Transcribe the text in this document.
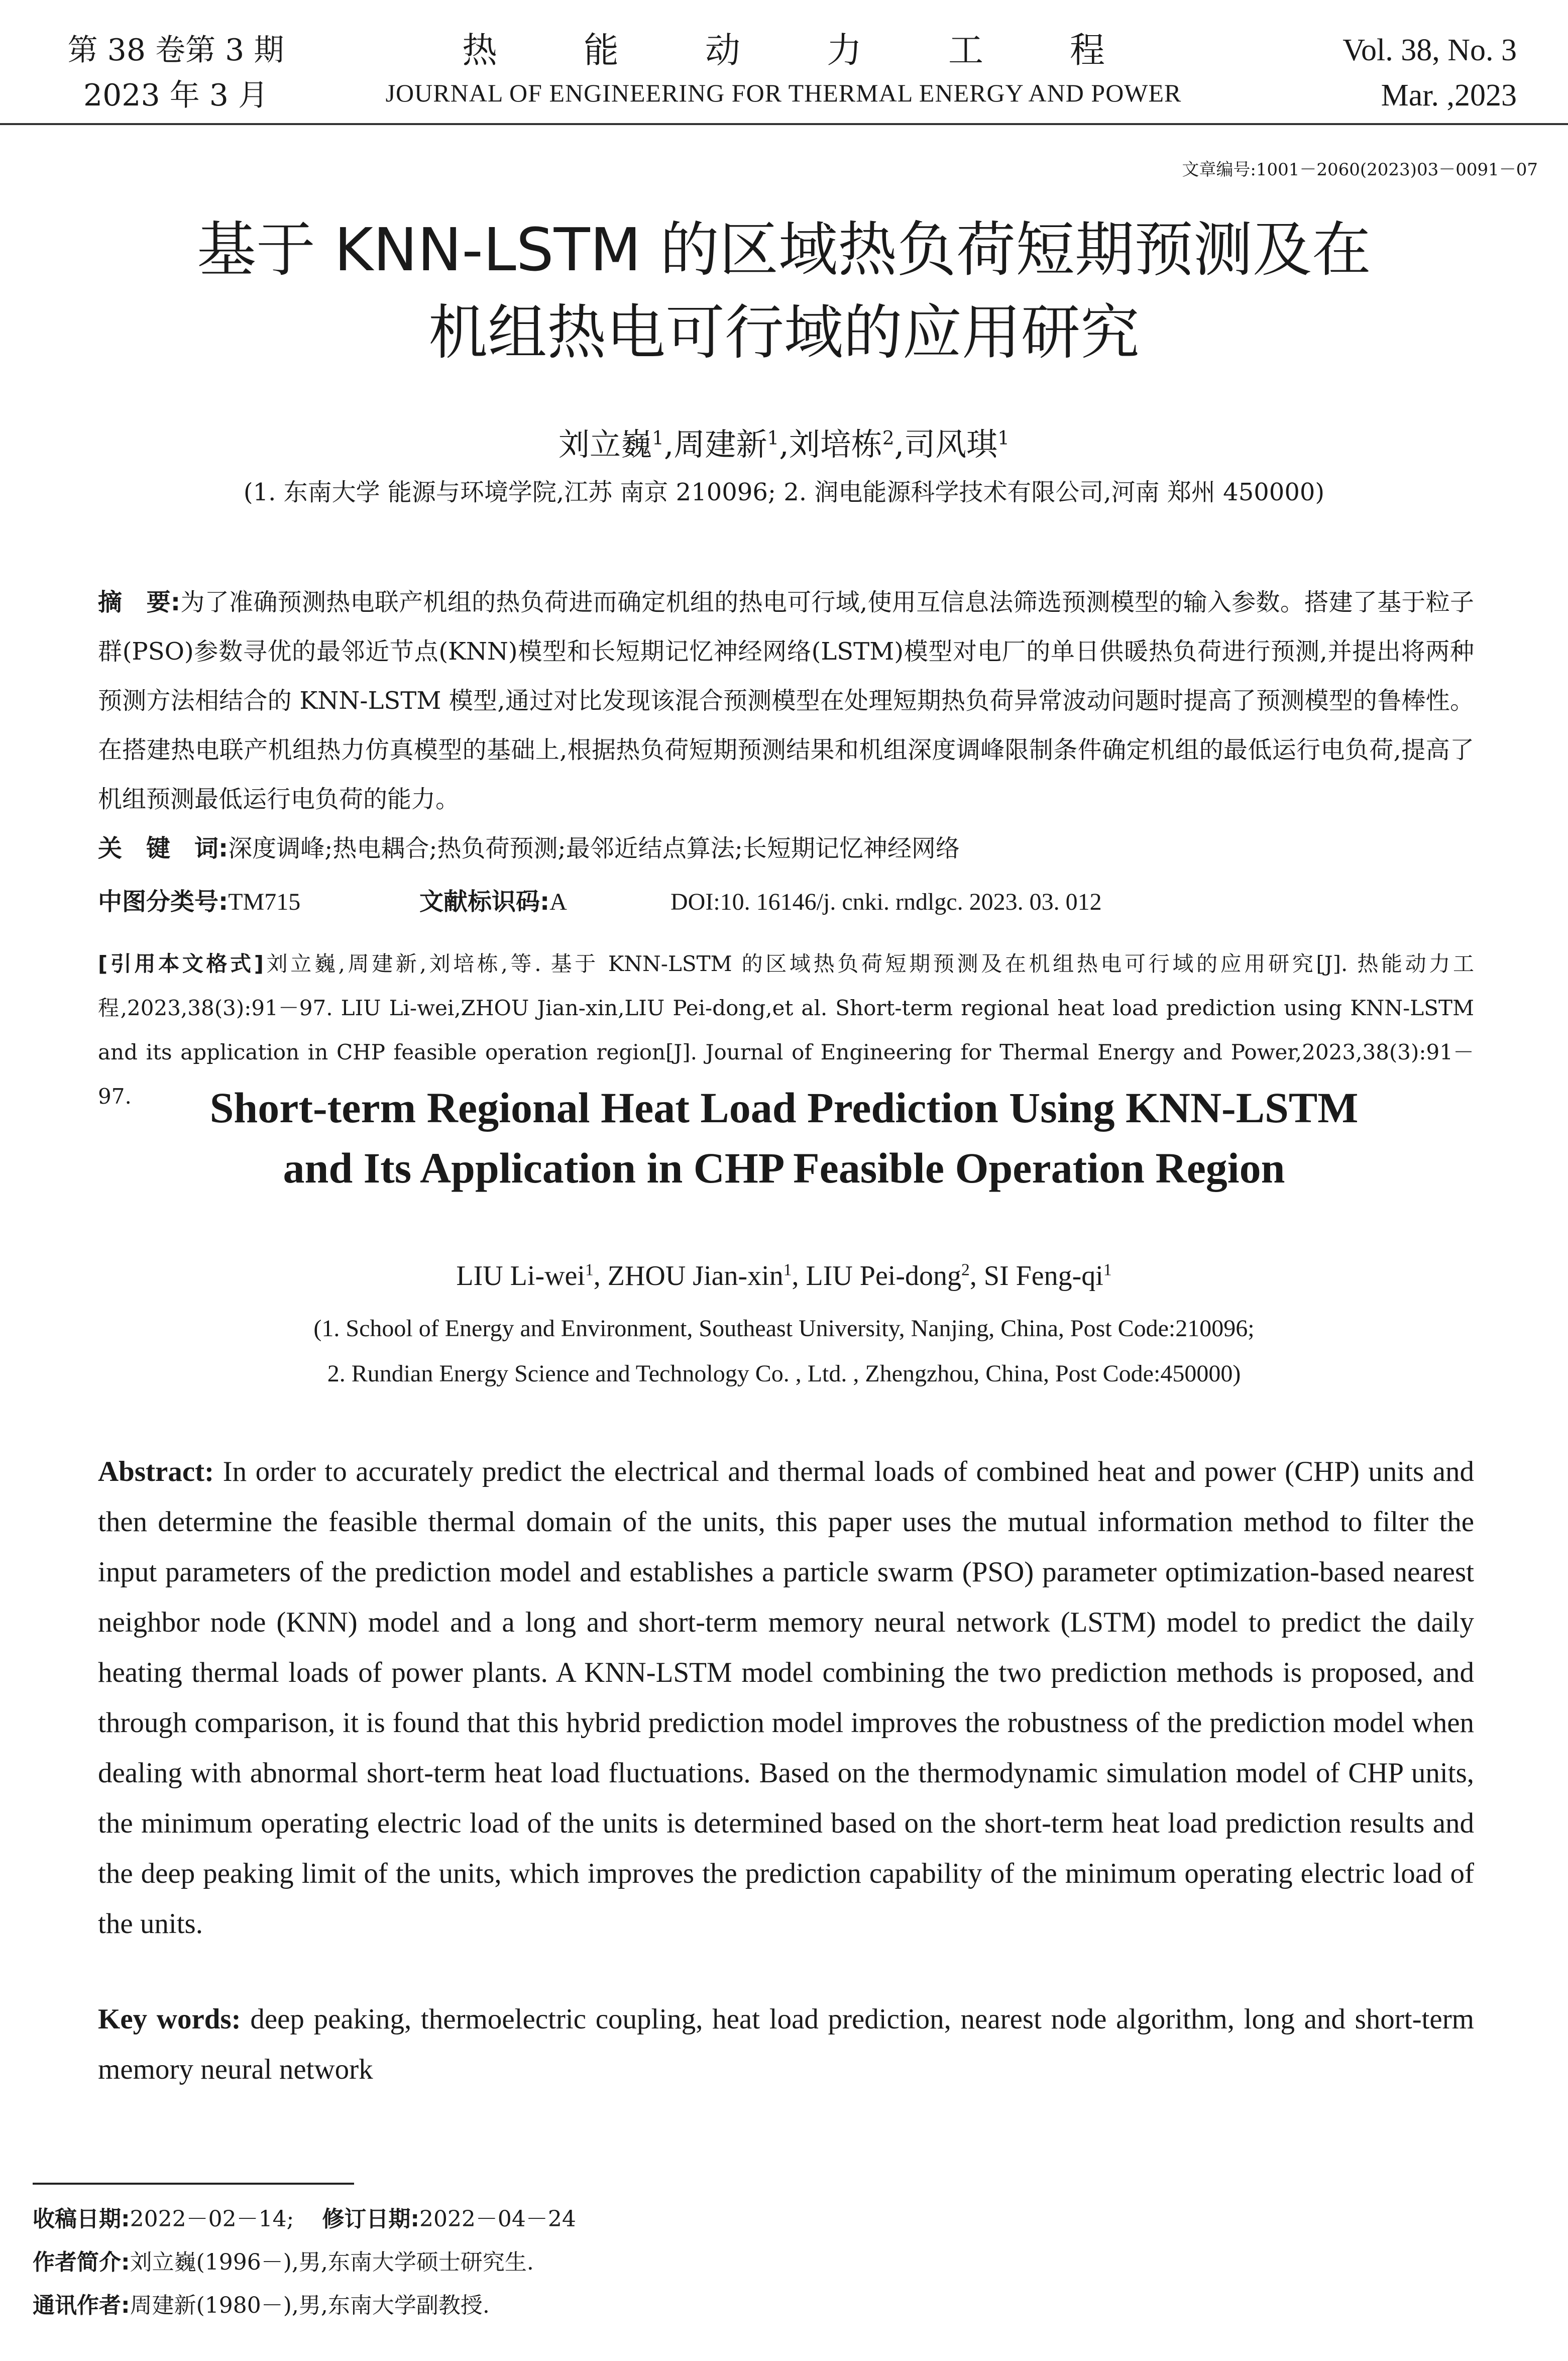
第 38 卷第 3 期
2023 年 3 月
热 能 动 力 工 程
JOURNAL OF ENGINEERING FOR THERMAL ENERGY AND POWER
Vol. 38, No. 3
Mar. ,2023
文章编号:1001－2060(2023)03－0091－07
基于 KNN-LSTM 的区域热负荷短期预测及在
机组热电可行域的应用研究
刘立巍$^1$,周建新$^1$,刘培栋$^2$,司风琪$^1$
(1. 东南大学 能源与环境学院,江苏 南京 210096; 2. 润电能源科学技术有限公司,河南 郑州 450000)
摘　要:为了准确预测热电联产机组的热负荷进而确定机组的热电可行域,使用互信息法筛选预测模型的输入参数。搭建了基于粒子群(PSO)参数寻优的最邻近节点(KNN)模型和长短期记忆神经网络(LSTM)模型对电厂的单日供暖热负荷进行预测,并提出将两种预测方法相结合的 KNN-LSTM 模型,通过对比发现该混合预测模型在处理短期热负荷异常波动问题时提高了预测模型的鲁棒性。在搭建热电联产机组热力仿真模型的基础上,根据热负荷短期预测结果和机组深度调峰限制条件确定机组的最低运行电负荷,提高了机组预测最低运行电负荷的能力。
关　键　词:深度调峰;热电耦合;热负荷预测;最邻近结点算法;长短期记忆神经网络
中图分类号:TM715	文献标识码:A	DOI:10. 16146/j. cnki. rndlgc. 2023. 03. 012
[引用本文格式]刘立巍,周建新,刘培栋,等. 基于 KNN-LSTM 的区域热负荷短期预测及在机组热电可行域的应用研究[J]. 热能动力工程,2023,38(3):91－97. LIU Li-wei,ZHOU Jian-xin,LIU Pei-dong,et al. Short-term regional heat load prediction using KNN-LSTM and its application in CHP feasible operation region[J]. Journal of Engineering for Thermal Energy and Power,2023,38(3):91－97.	Short-term Regional Heat Load Prediction Using KNN-LSTM
and Its Application in CHP Feasible Operation Region
LIU Li-wei$^1$, ZHOU Jian-xin$^1$, LIU Pei-dong$^2$, SI Feng-$qi^1$
(1. School of Energy and Environment, Southeast University, Nanjing, China, Post Code:210096;
2. Rundian Energy Science and Technology Co. , Ltd. , Zhengzhou, China, Post Code:450000)
Abstract: In order to accurately predict the electrical and thermal loads of combined heat and power (CHP) units and then determine the feasible thermal domain of the units, this paper uses the mutual information method to filter the input parameters of the prediction model and establishes a particle swarm (PSO) parameter optimization-based nearest neighbor node (KNN) model and a long and short-term memory neural network (LSTM) model to predict the daily heating thermal loads of power plants. A KNN-LSTM model combining the two prediction methods is proposed, and through comparison, it is found that this hybrid prediction model improves the robustness of the prediction model when dealing with abnormal short-term heat load fluctuations. Based on the thermodynamic simulation model of CHP units, the minimum operating electric load of the units is determined based on the short-term heat load prediction results and the deep peaking limit of the units, which improves the prediction capability of the minimum operating electric load of the units.
Key words: deep peaking, thermoelectric coupling, heat load prediction, nearest node algorithm, long and short-term memory neural network
收稿日期:2022－02－14; 修订日期:2022－04－24
作者简介:刘立巍(1996－),男,东南大学硕士研究生.
通讯作者:周建新(1980－),男,东南大学副教授.
